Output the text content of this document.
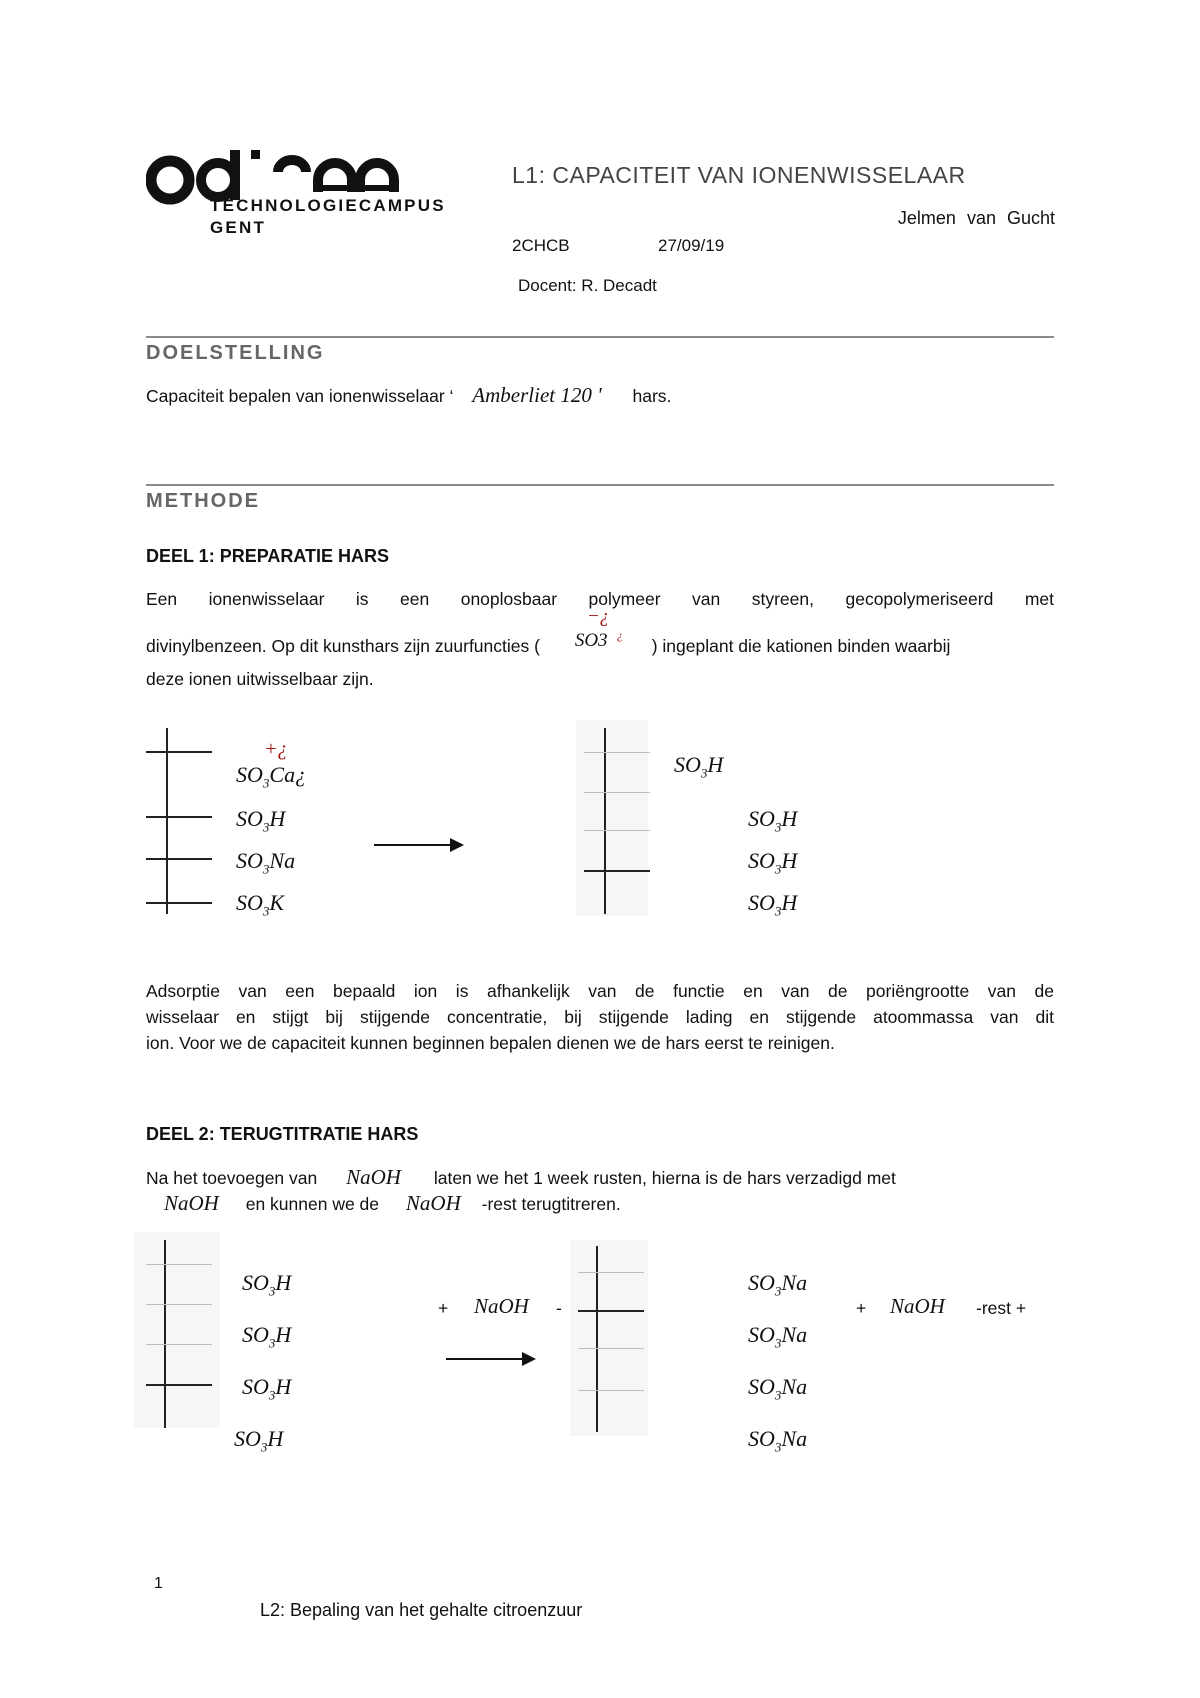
TECHNOLOGIECAMPUS
GENT
L1: CAPACITEIT VAN IONENWISSELAAR
Jelmen van Gucht
2CHCB	27/09/19
Docent: R. Decadt
DOELSTELLING
Capaciteit bepalen van ionenwisselaar ‘ Amberliet 120 ' hars.
METHODE
DEEL 1: PREPARATIE HARS
Een ionenwisselaar is een onoplosbaar polymeer van styreen, gecopolymeriseerd met
divinylbenzeen. Op dit kunsthars zijn zuurfuncties (
−¿
SO3 ¿
) ingeplant die kationen binden waarbij
deze ionen uitwisselbaar zijn.
+¿
$SO_3Ca¿$
$SO_3H$
$SO_3Na$
$SO_3K$
$SO_3H$
$SO_3H$
$SO_3H$
$SO_3H$
Adsorptie van een bepaald ion is afhankelijk van de functie en van de poriëngrootte van de
wisselaar en stijgt bij stijgende concentratie, bij stijgende lading en stijgende atoommassa van dit
ion. Voor we de capaciteit kunnen beginnen bepalen dienen we de hars eerst te reinigen.
DEEL 2: TERUGTITRATIE HARS
Na het toevoegen van NaOH laten we het 1 week rusten, hierna is de hars verzadigd met
NaOH en kunnen we de NaOH -rest terugtitreren.
$SO_3H$
$SO_3H$
$SO_3H$
$SO_3H$
+ NaOH -
$SO_3Na$
$SO_3Na$
$SO_3Na$
$SO_3Na$
+ NaOH -rest +
1
L2: Bepaling van het gehalte citroenzuur
